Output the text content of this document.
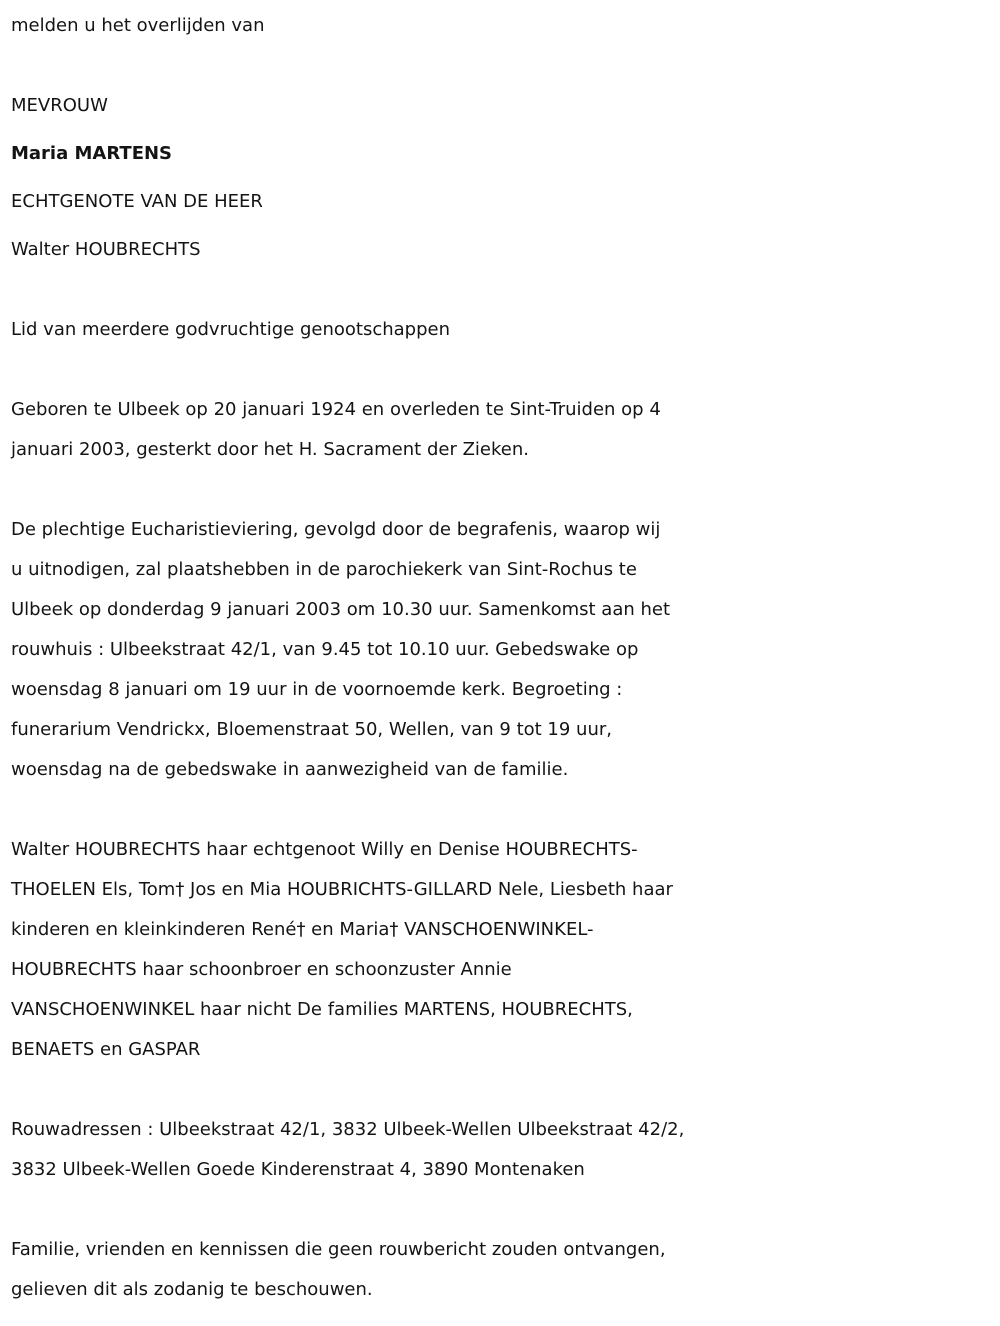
melden u het overlijden van

MEVROUW

Maria MARTENS

ECHTGENOTE VAN DE HEER

Walter HOUBRECHTS

Lid van meerdere godvruchtige genootschappen

Geboren te Ulbeek op 20 januari 1924 en overleden te Sint-Truiden op 4

januari 2003, gesterkt door het H. Sacrament der Zieken.

De plechtige Eucharistieviering, gevolgd door de begrafenis, waarop wij

u uitnodigen, zal plaatshebben in de parochiekerk van Sint-Rochus te

Ulbeek op donderdag 9 januari 2003 om 10.30 uur. Samenkomst aan het

rouwhuis : Ulbeekstraat 42/1, van 9.45 tot 10.10 uur. Gebedswake op

woensdag 8 januari om 19 uur in de voornoemde kerk. Begroeting :

funerarium Vendrickx, Bloemenstraat 50, Wellen, van 9 tot 19 uur,

woensdag na de gebedswake in aanwezigheid van de familie.

Walter HOUBRECHTS haar echtgenoot Willy en Denise HOUBRECHTS-

THOELEN Els, Tom† Jos en Mia HOUBRICHTS-GILLARD Nele, Liesbeth haar

kinderen en kleinkinderen René† en Maria† VANSCHOENWINKEL-

HOUBRECHTS haar schoonbroer en schoonzuster Annie

VANSCHOENWINKEL haar nicht De families MARTENS, HOUBRECHTS,

BENAETS en GASPAR

Rouwadressen : Ulbeekstraat 42/1, 3832 Ulbeek-Wellen Ulbeekstraat 42/2,

3832 Ulbeek-Wellen Goede Kinderenstraat 4, 3890 Montenaken

Familie, vrienden en kennissen die geen rouwbericht zouden ontvangen,

gelieven dit als zodanig te beschouwen.
